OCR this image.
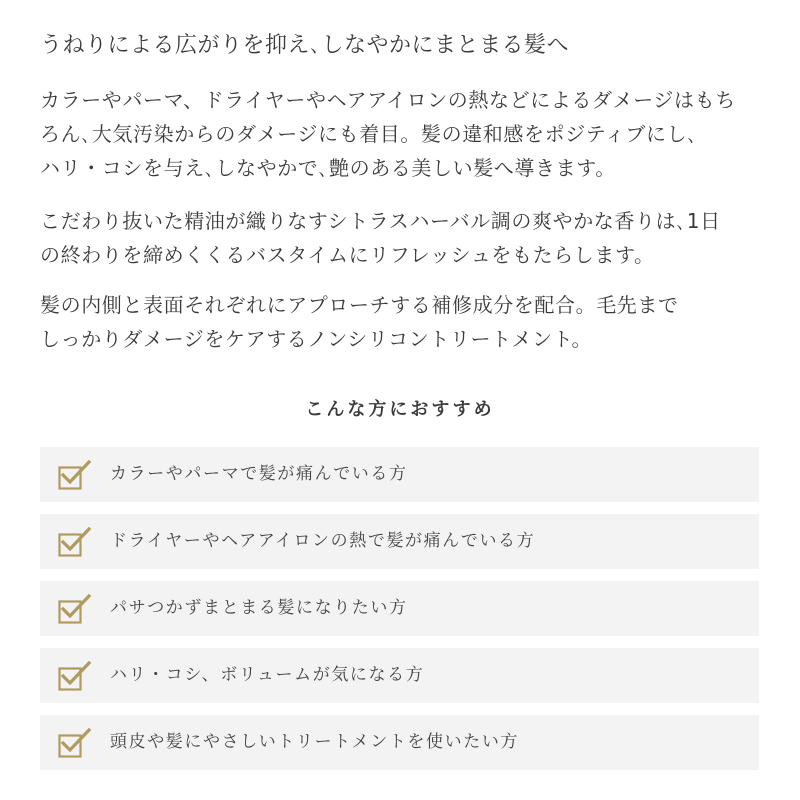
うねりによる広がりを抑え､しなやかにまとまる髪へ
カラーやパーマ、ドライヤーやヘアアイロンの熱などによるダメージはもち
ろん､大気汚染からのダメージにも着目。髪の違和感をポジティブにし､
ハリ・コシを与え､しなやかで､艶のある美しい髪へ導きます。
こだわり抜いた精油が織りなすシトラスハーバル調の爽やかな香りは､1日
の終わりを締めくくるバスタイムにリフレッシュをもたらします。
髪の内側と表面それぞれにアプローチする補修成分を配合。毛先まで
しっかりダメージをケアするノンシリコントリートメント。
こんな方におすすめ
カラーやパーマで髪が痛んでいる方
ドライヤーやヘアアイロンの熱で髪が痛んでいる方
パサつかずまとまる髪になりたい方
ハリ・コシ、ボリュームが気になる方
頭皮や髪にやさしいトリートメントを使いたい方
